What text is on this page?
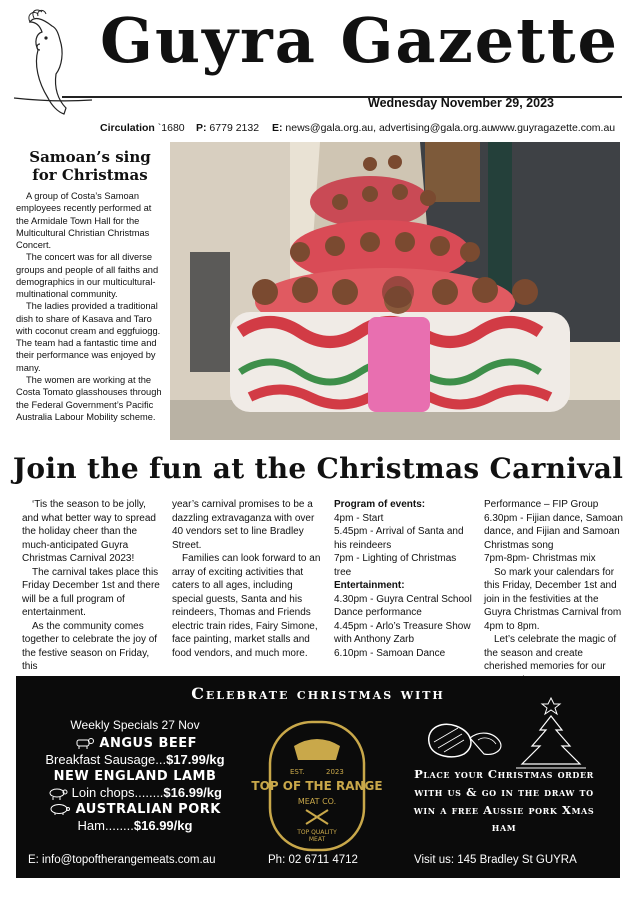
Guyra Gazette
Wednesday November 29, 2023
Circulation `1680	P: 6779 2132	E: news@gala.org.au, advertising@gala.org.au www.guyragazette.com.au
Samoan’s sing for Christmas

A group of Costa’s Samoan employees recently performed at the Armidale Town Hall for the Multicultural Christian Christmas Concert.

The concert was for all diverse groups and people of all faiths and demographics in our multicultural-multinational community.

The ladies provided a traditional dish to share of Kasava and Taro with coconut cream and eggfuiogg. The team had a fantastic time and their performance was enjoyed by many.

The women are working at the Costa Tomato glasshouses through the Federal Government’s Pacific Australia Labour Mobility scheme.

Join the fun at the Christmas Carnival

‘Tis the season to be jolly, and what better way to spread the holiday cheer than the much-anticipated Guyra Christmas Carnival 2023!

The carnival takes place this Friday December 1st and there will be a full program of entertainment.

As the community comes together to celebrate the joy of the festive season on Friday, this

year’s carnival promises to be a dazzling extravaganza with over 40 vendors set to line Bradley Street.

Families can look forward to an array of exciting activities that caters to all ages, including special guests, Santa and his reindeers, Thomas and Friends electric train rides, Fairy Simone, face painting, market stalls and food vendors, and much more.

Program of events:
4pm - Start
5.45pm - Arrival of Santa and his reindeers
7pm - Lighting of Christmas tree
Entertainment:
4.30pm - Guyra Central School Dance performance
4.45pm - Arlo’s Treasure Show with Anthony Zarb
6.10pm - Samoan Dance
Performance – FIP Group
6.30pm - Fijian dance, Samoan dance, and Fijian and Samoan Christmas song
7pm-8pm- Christmas mix

So mark your calendars for this Friday, December 1st and join in the festivities at the Guyra Christmas Carnival from 4pm to 8pm.

Let’s celebrate the magic of the season and create cherished memories for our

Celebrate christmas with
Weekly Specials 27 Nov
ANGUS BEEF
Breakfast Sausage...$17.99/kg
NEW ENGLAND LAMB
Loin chops........$16.99/kg
AUSTRALIAN PORK
Ham........$16.99/kg
EST.	2023
TOP OF THE RANGE
MEAT CO.
TOP QUALITY
MEAT
Place your Christmas order with us & go in the draw to win a free Aussie pork Xmas ham
E: info@topoftherangemeats.com.au	Ph: 02 6711 4712	Visit us: 145 Bradley St GUYRA
